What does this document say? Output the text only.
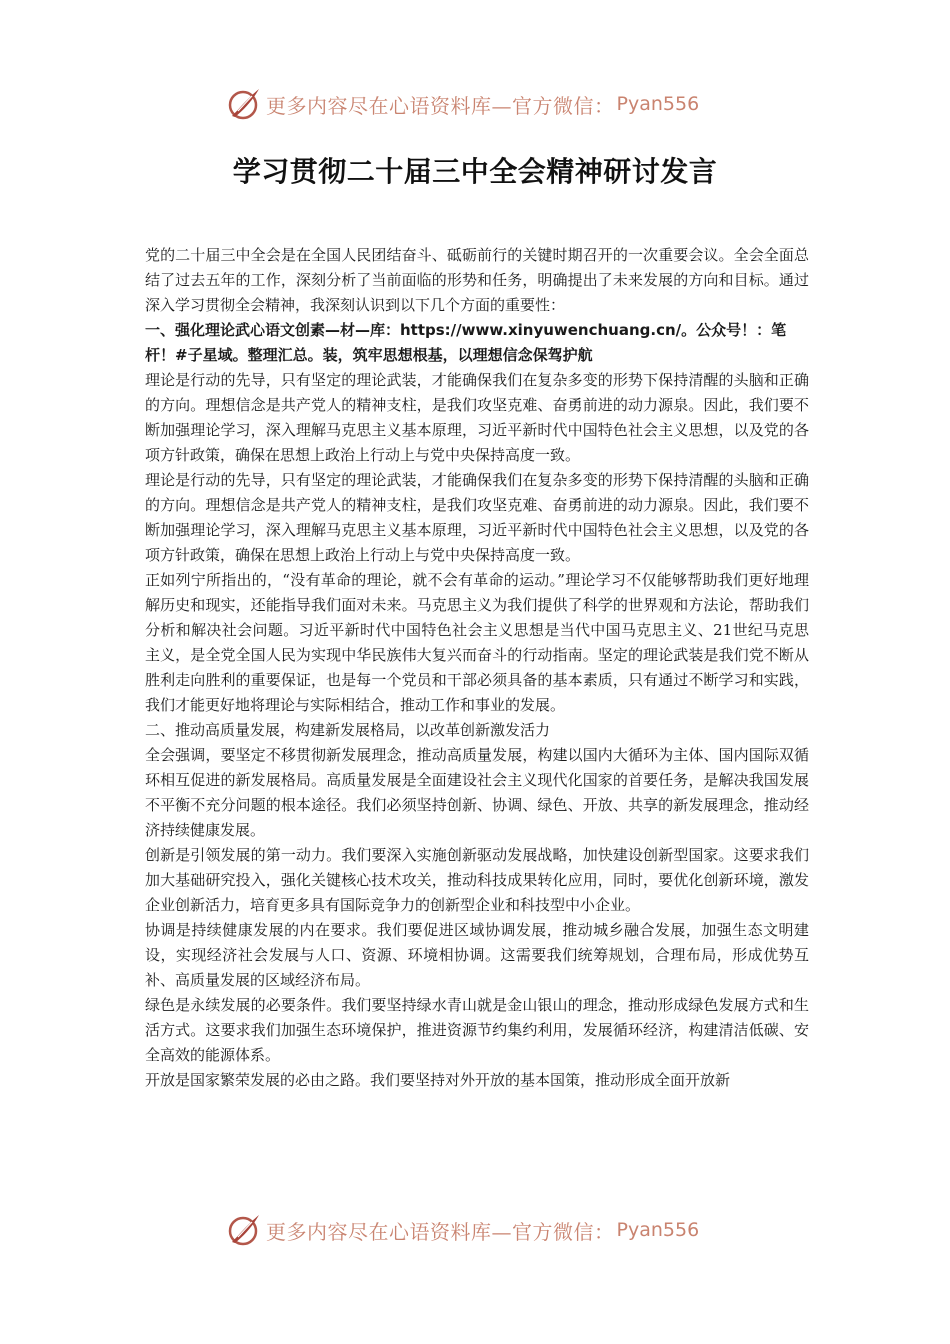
更多内容尽在心语资料库—官方微信： Pyan556
学习贯彻二十届三中全会精神研讨发言

党的二十届三中全会是在全国人民团结奋斗、砥砺前行的关键时期召开的一次重要会议。全会全面总结了过去五年的工作，深刻分析了当前面临的形势和任务，明确提出了未来发展的方向和目标。通过深入学习贯彻全会精神，我深刻认识到以下几个方面的重要性：

一、强化理论武心语文创素—材—库：https://www.xinyuwenchuang.cn/。公众号！：笔杆！#子星域。整理汇总。装，筑牢思想根基，以理想信念保驾护航

理论是行动的先导，只有坚定的理论武装，才能确保我们在复杂多变的形势下保持清醒的头脑和正确的方向。理想信念是共产党人的精神支柱，是我们攻坚克难、奋勇前进的动力源泉。因此，我们要不断加强理论学习，深入理解马克思主义基本原理，习近平新时代中国特色社会主义思想，以及党的各项方针政策，确保在思想上政治上行动上与党中央保持高度一致。

理论是行动的先导，只有坚定的理论武装，才能确保我们在复杂多变的形势下保持清醒的头脑和正确的方向。理想信念是共产党人的精神支柱，是我们攻坚克难、奋勇前进的动力源泉。因此，我们要不断加强理论学习，深入理解马克思主义基本原理，习近平新时代中国特色社会主义思想，以及党的各项方针政策，确保在思想上政治上行动上与党中央保持高度一致。

正如列宁所指出的，“没有革命的理论，就不会有革命的运动。”理论学习不仅能够帮助我们更好地理解历史和现实，还能指导我们面对未来。马克思主义为我们提供了科学的世界观和方法论，帮助我们分析和解决社会问题。习近平新时代中国特色社会主义思想是当代中国马克思主义、21世纪马克思主义，是全党全国人民为实现中华民族伟大复兴而奋斗的行动指南。坚定的理论武装是我们党不断从胜利走向胜利的重要保证，也是每一个党员和干部必须具备的基本素质，只有通过不断学习和实践，我们才能更好地将理论与实际相结合，推动工作和事业的发展。

二、推动高质量发展，构建新发展格局，以改革创新激发活力

全会强调，要坚定不移贯彻新发展理念，推动高质量发展，构建以国内大循环为主体、国内国际双循环相互促进的新发展格局。高质量发展是全面建设社会主义现代化国家的首要任务，是解决我国发展不平衡不充分问题的根本途径。我们必须坚持创新、协调、绿色、开放、共享的新发展理念，推动经济持续健康发展。

创新是引领发展的第一动力。我们要深入实施创新驱动发展战略，加快建设创新型国家。这要求我们加大基础研究投入，强化关键核心技术攻关，推动科技成果转化应用，同时，要优化创新环境，激发企业创新活力，培育更多具有国际竞争力的创新型企业和科技型中小企业。

协调是持续健康发展的内在要求。我们要促进区域协调发展，推动城乡融合发展，加强生态文明建设，实现经济社会发展与人口、资源、环境相协调。这需要我们统筹规划，合理布局，形成优势互补、高质量发展的区域经济布局。

绿色是永续发展的必要条件。我们要坚持绿水青山就是金山银山的理念，推动形成绿色发展方式和生活方式。这要求我们加强生态环境保护，推进资源节约集约利用，发展循环经济，构建清洁低碳、安全高效的能源体系。

开放是国家繁荣发展的必由之路。我们要坚持对外开放的基本国策，推动形成全面开放新

更多内容尽在心语资料库—官方微信： Pyan556
